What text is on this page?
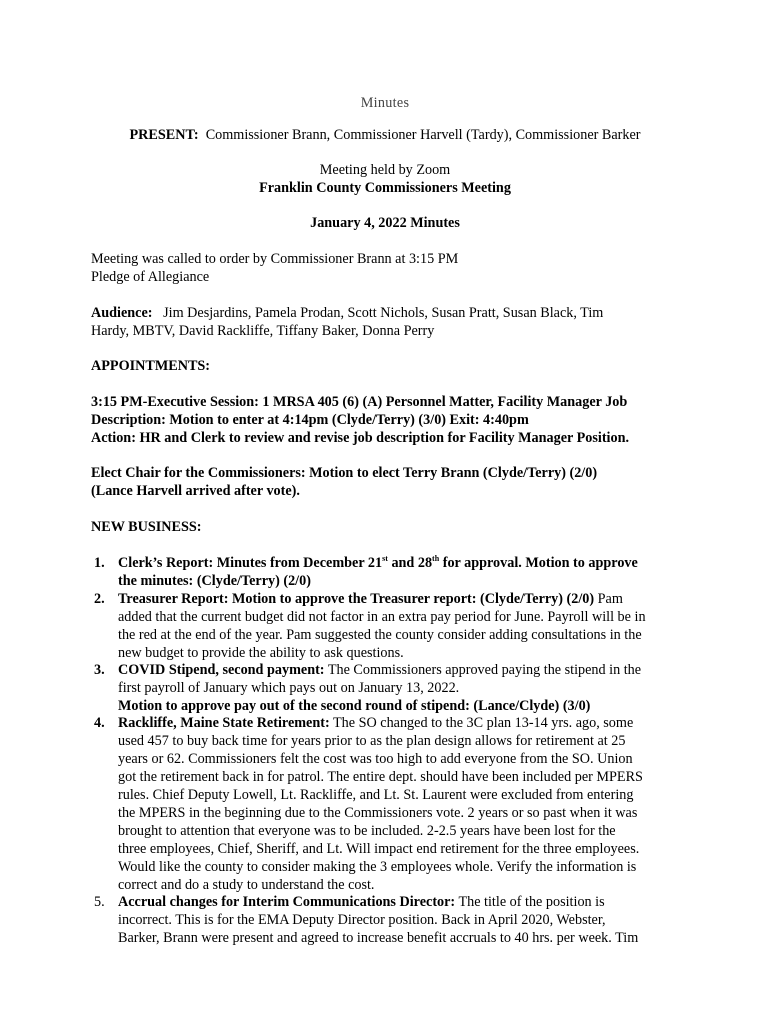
Minutes
PRESENT: Commissioner Brann, Commissioner Harvell (Tardy), Commissioner Barker
Meeting held by Zoom
Franklin County Commissioners Meeting
January 4, 2022 Minutes
Meeting was called to order by Commissioner Brann at 3:15 PM
Pledge of Allegiance
Audience: Jim Desjardins, Pamela Prodan, Scott Nichols, Susan Pratt, Susan Black, Tim
Hardy, MBTV, David Rackliffe, Tiffany Baker, Donna Perry
APPOINTMENTS:
3:15 PM-Executive Session: 1 MRSA 405 (6) (A) Personnel Matter, Facility Manager Job
Description: Motion to enter at 4:14pm (Clyde/Terry) (3/0) Exit: 4:40pm
Action: HR and Clerk to review and revise job description for Facility Manager Position.
Elect Chair for the Commissioners: Motion to elect Terry Brann (Clyde/Terry) (2/0)
(Lance Harvell arrived after vote).
NEW BUSINESS:
1. Clerk’s Report: Minutes from December 21st and 28th for approval. Motion to approve
the minutes: (Clyde/Terry) (2/0)
2. Treasurer Report: Motion to approve the Treasurer report: (Clyde/Terry) (2/0) Pam
added that the current budget did not factor in an extra pay period for June. Payroll will be in
the red at the end of the year. Pam suggested the county consider adding consultations in the
new budget to provide the ability to ask questions.
3. COVID Stipend, second payment: The Commissioners approved paying the stipend in the
first payroll of January which pays out on January 13, 2022.
Motion to approve pay out of the second round of stipend: (Lance/Clyde) (3/0)
4. Rackliffe, Maine State Retirement: The SO changed to the 3C plan 13-14 yrs. ago, some
used 457 to buy back time for years prior to as the plan design allows for retirement at 25
years or 62. Commissioners felt the cost was too high to add everyone from the SO. Union
got the retirement back in for patrol. The entire dept. should have been included per MPERS
rules. Chief Deputy Lowell, Lt. Rackliffe, and Lt. St. Laurent were excluded from entering
the MPERS in the beginning due to the Commissioners vote. 2 years or so past when it was
brought to attention that everyone was to be included. 2-2.5 years have been lost for the
three employees, Chief, Sheriff, and Lt. Will impact end retirement for the three employees.
Would like the county to consider making the 3 employees whole. Verify the information is
correct and do a study to understand the cost.
5. Accrual changes for Interim Communications Director: The title of the position is
incorrect. This is for the EMA Deputy Director position. Back in April 2020, Webster,
Barker, Brann were present and agreed to increase benefit accruals to 40 hrs. per week. Tim
